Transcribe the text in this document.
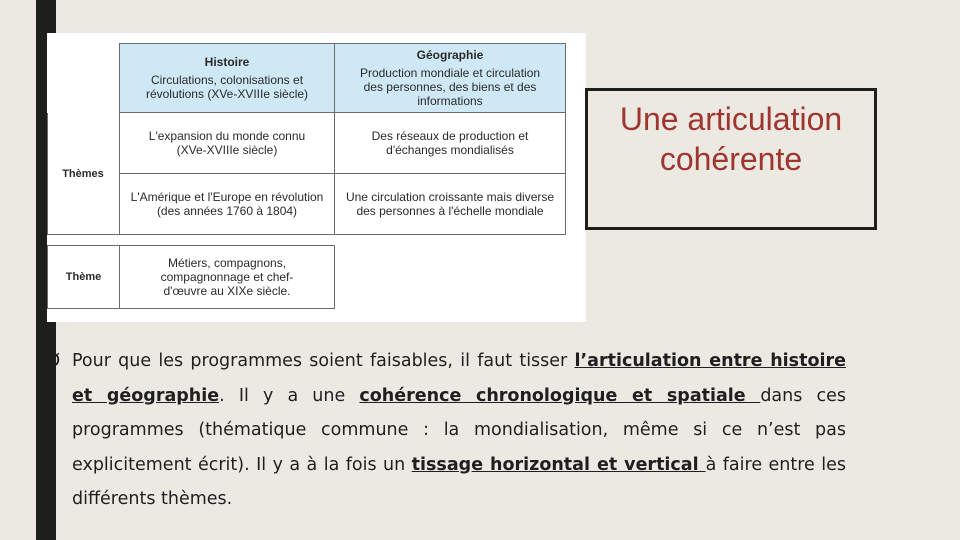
Histoire
Circulations, colonisations et révolutions (XVe-XVIIIe siècle)
Géographie
Production mondiale et circulation des personnes, des biens et des informations
Thèmes
L'expansion du monde connu (XVe-XVIIIe siècle)
Des réseaux de production et d'échanges mondialisés
L'Amérique et l'Europe en révolution (des années 1760 à 1804)
Une circulation croissante mais diverse des personnes à l'échelle mondiale
Thème
Métiers, compagnons, compagnonnage et chef-d'œuvre au XIXe siècle.
Une articulation
cohérente
Ø Pour que les programmes soient faisables, il faut tisser l’articulation entre histoire et géographie. Il y a une cohérence chronologique et spatiale dans ces programmes (thématique commune : la mondialisation, même si ce n’est pas explicitement écrit). Il y a à la fois un tissage horizontal et vertical à faire entre les différents thèmes.
